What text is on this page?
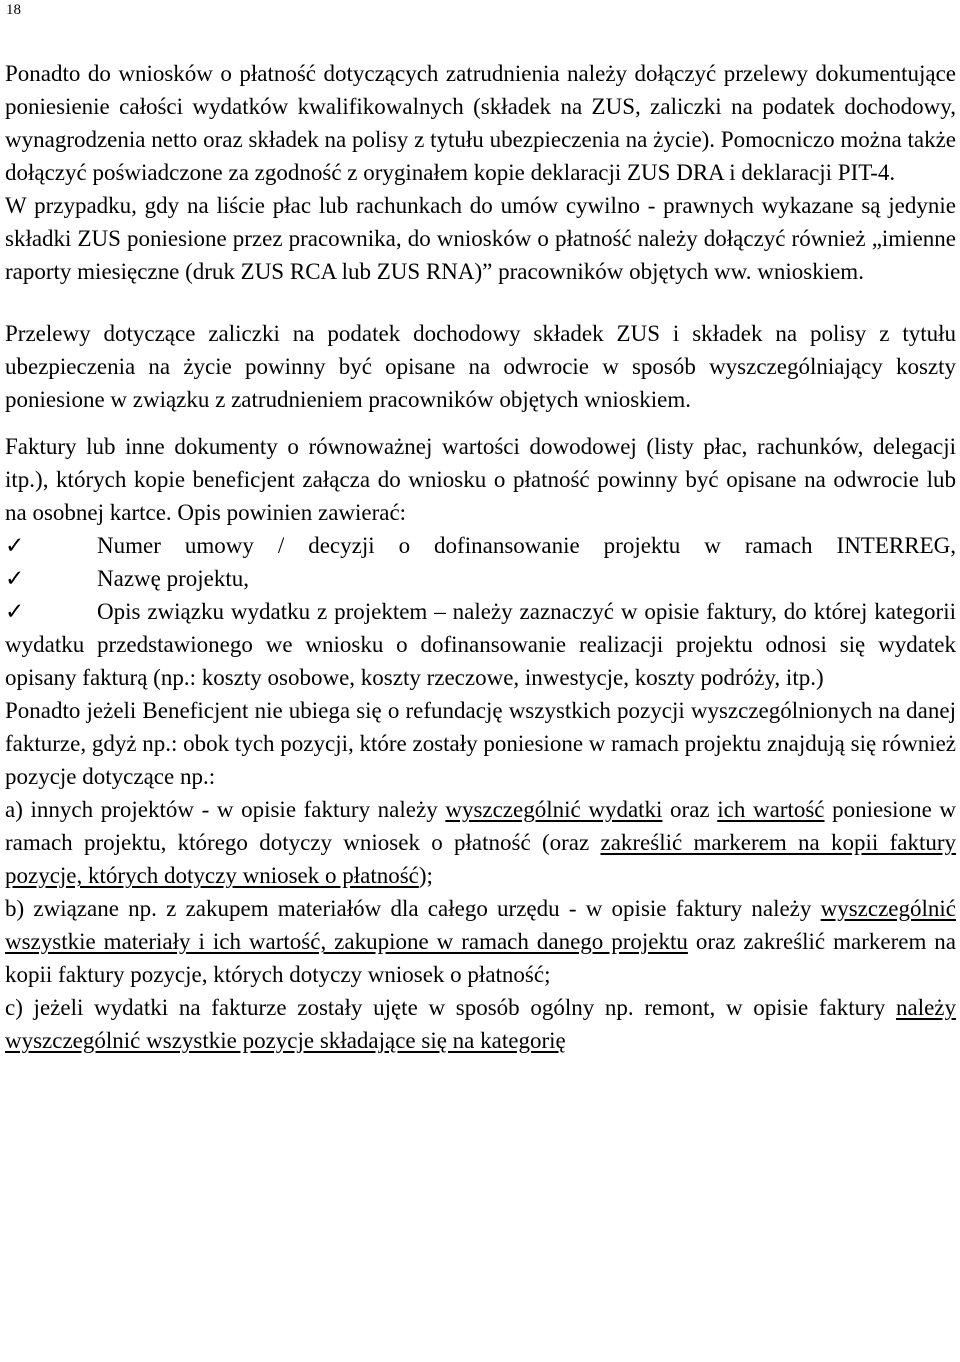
18

Ponadto do wniosków o płatność dotyczących zatrudnienia należy dołączyć przelewy dokumentujące poniesienie całości wydatków kwalifikowalnych (składek na ZUS, zaliczki na podatek dochodowy, wynagrodzenia netto oraz składek na polisy z tytułu ubezpieczenia na życie). Pomocniczo można także dołączyć poświadczone za zgodność z oryginałem kopie deklaracji ZUS DRA i deklaracji PIT-4.

W przypadku, gdy na liście płac lub rachunkach do umów cywilno - prawnych wykazane są jedynie składki ZUS poniesione przez pracownika, do wniosków o płatność należy dołączyć również „imienne raporty miesięczne (druk ZUS RCA lub ZUS RNA)” pracowników objętych ww. wnioskiem.

Przelewy dotyczące zaliczki na podatek dochodowy składek ZUS i składek na polisy z tytułu ubezpieczenia na życie powinny być opisane na odwrocie w sposób wyszczególniający koszty poniesione w związku z zatrudnieniem pracowników objętych wnioskiem.

Faktury lub inne dokumenty o równoważnej wartości dowodowej (listy płac, rachunków, delegacji itp.), których kopie beneficjent załącza do wniosku o płatność powinny być opisane na odwrocie lub na osobnej kartce. Opis powinien zawierać:

✓	Numer umowy / decyzji o dofinansowanie projektu w ramach INTERREG,

✓	Nazwę projektu,

✓	Opis związku wydatku z projektem – należy zaznaczyć w opisie faktury, do której kategorii wydatku przedstawionego we wniosku o dofinansowanie realizacji projektu odnosi się wydatek opisany fakturą (np.: koszty osobowe, koszty rzeczowe, inwestycje, koszty podróży, itp.)

Ponadto jeżeli Beneficjent nie ubiega się o refundację wszystkich pozycji wyszczególnionych na danej fakturze, gdyż np.: obok tych pozycji, które zostały poniesione w ramach projektu znajdują się również pozycje dotyczące np.:

a) innych projektów - w opisie faktury należy wyszczególnić wydatki oraz ich wartość poniesione w ramach projektu, którego dotyczy wniosek o płatność (oraz zakreślić markerem na kopii faktury pozycje, których dotyczy wniosek o płatność);

b) związane np. z zakupem materiałów dla całego urzędu - w opisie faktury należy wyszczególnić wszystkie materiały i ich wartość, zakupione w ramach danego projektu oraz zakreślić markerem na kopii faktury pozycje, których dotyczy wniosek o płatność;

c) jeżeli wydatki na fakturze zostały ujęte w sposób ogólny np. remont, w opisie faktury należy wyszczególnić wszystkie pozycje składające się na kategorię
